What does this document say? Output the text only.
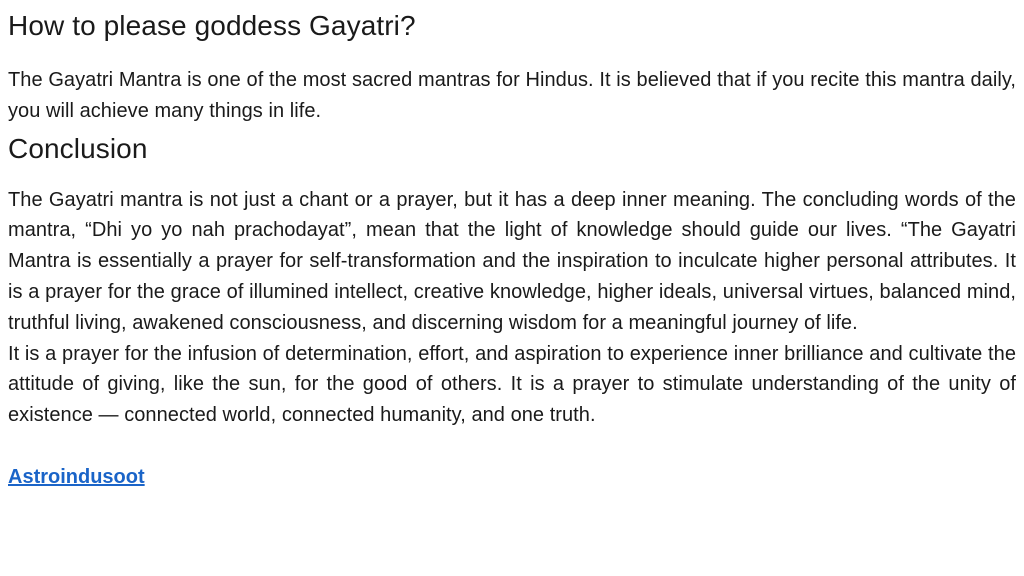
How to please goddess Gayatri?

The Gayatri Mantra is one of the most sacred mantras for Hindus. It is believed that if you recite this mantra daily, you will achieve many things in life.

Conclusion

The Gayatri mantra is not just a chant or a prayer, but it has a deep inner meaning. The concluding words of the mantra, “Dhi yo yo nah prachodayat”, mean that the light of knowledge should guide our lives. “The Gayatri Mantra is essentially a prayer for self-transformation and the inspiration to inculcate higher personal attributes. It is a prayer for the grace of illumined intellect, creative knowledge, higher ideals, universal virtues, balanced mind, truthful living, awakened consciousness, and discerning wisdom for a meaningful journey of life.

It is a prayer for the infusion of determination, effort, and aspiration to experience inner brilliance and cultivate the attitude of giving, like the sun, for the good of others. It is a prayer to stimulate understanding of the unity of existence — connected world, connected humanity, and one truth.

Astroindusoot
